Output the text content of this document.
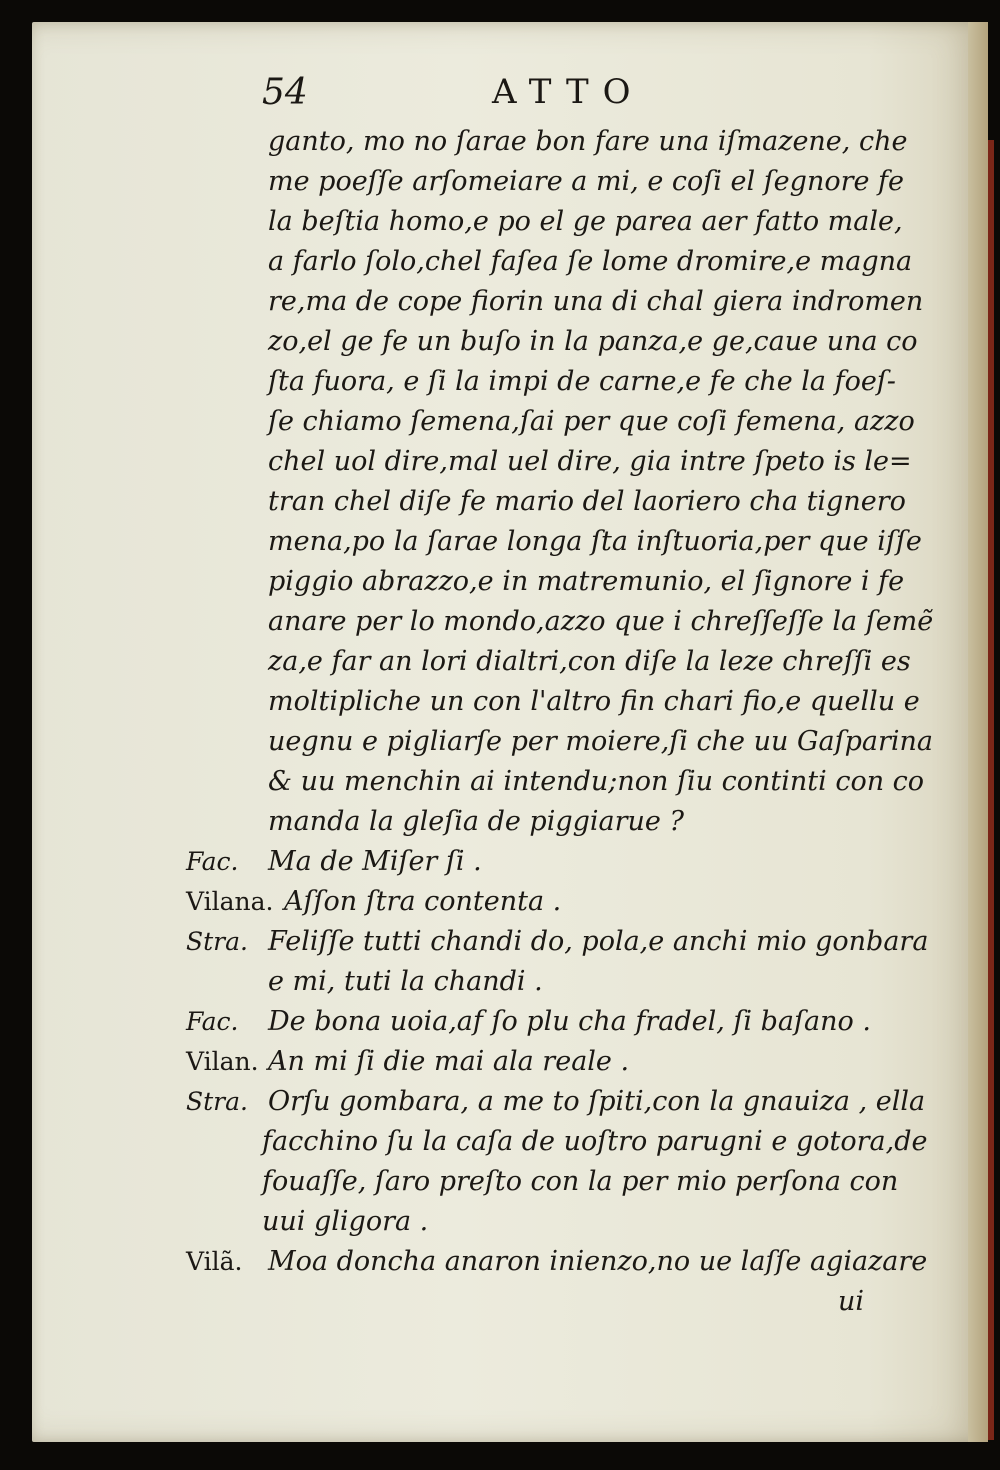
54	ATTO
ganto, mo no ſarae bon fare una iſmazene, che
me poeſſe arſomeiare a mi, e coſi el ſegnore fe
la beſtia homo,e po el ge parea aer fatto male,
a farlo ſolo,chel faſea ſe lome dromire,e magna
re,ma de cope fiorin una di chal giera indromen
zo,el ge fe un buſo in la panza,e ge,caue una co
ſta fuora, e ſi la impi de carne,e fe che la foeſ-
ſe chiamo ſemena,ſai per que coſi femena, azzo
chel uol dire,mal uel dire, gia intre ſpeto is le=
tran chel diſe fe mario del laoriero cha tignero
mena,po la ſarae longa ſta inſtuoria,per que iſſe
piggio abrazzo,e in matremunio, el ſignore i fe
anare per lo mondo,azzo que i chreſſeſſe la ſemẽ
za,e far an lori dialtri,con diſe la leze chreſſi es
moltipliche un con l'altro fin chari fio,e quellu e
uegnu e pigliarſe per moiere,ſi che uu Gaſparina
& uu menchin ai intendu;non ſiu continti con co
manda la gleſia de piggiarue ?
Fac. Ma de Miſer ſi .
Vilana. Aſſon ſtra contenta .
Stra. Feliſſe tutti chandi do, pola,e anchi mio gonbara
e mi, tuti la chandi .
Fac. De bona uoia,af ſo plu cha fradel, ſi baſano .
Vilan. An mi ſi die mai ala reale .
Stra. Orſu gombara, a me to ſpiti,con la gnauiza , ella
facchino ſu la caſa de uoſtro parugni e gotora,de
fouaſſe, ſaro preſto con la per mio perſona con
uui gligora .
Vilã. Moa doncha anaron inienzo,no ue laſſe agiazare
ui
